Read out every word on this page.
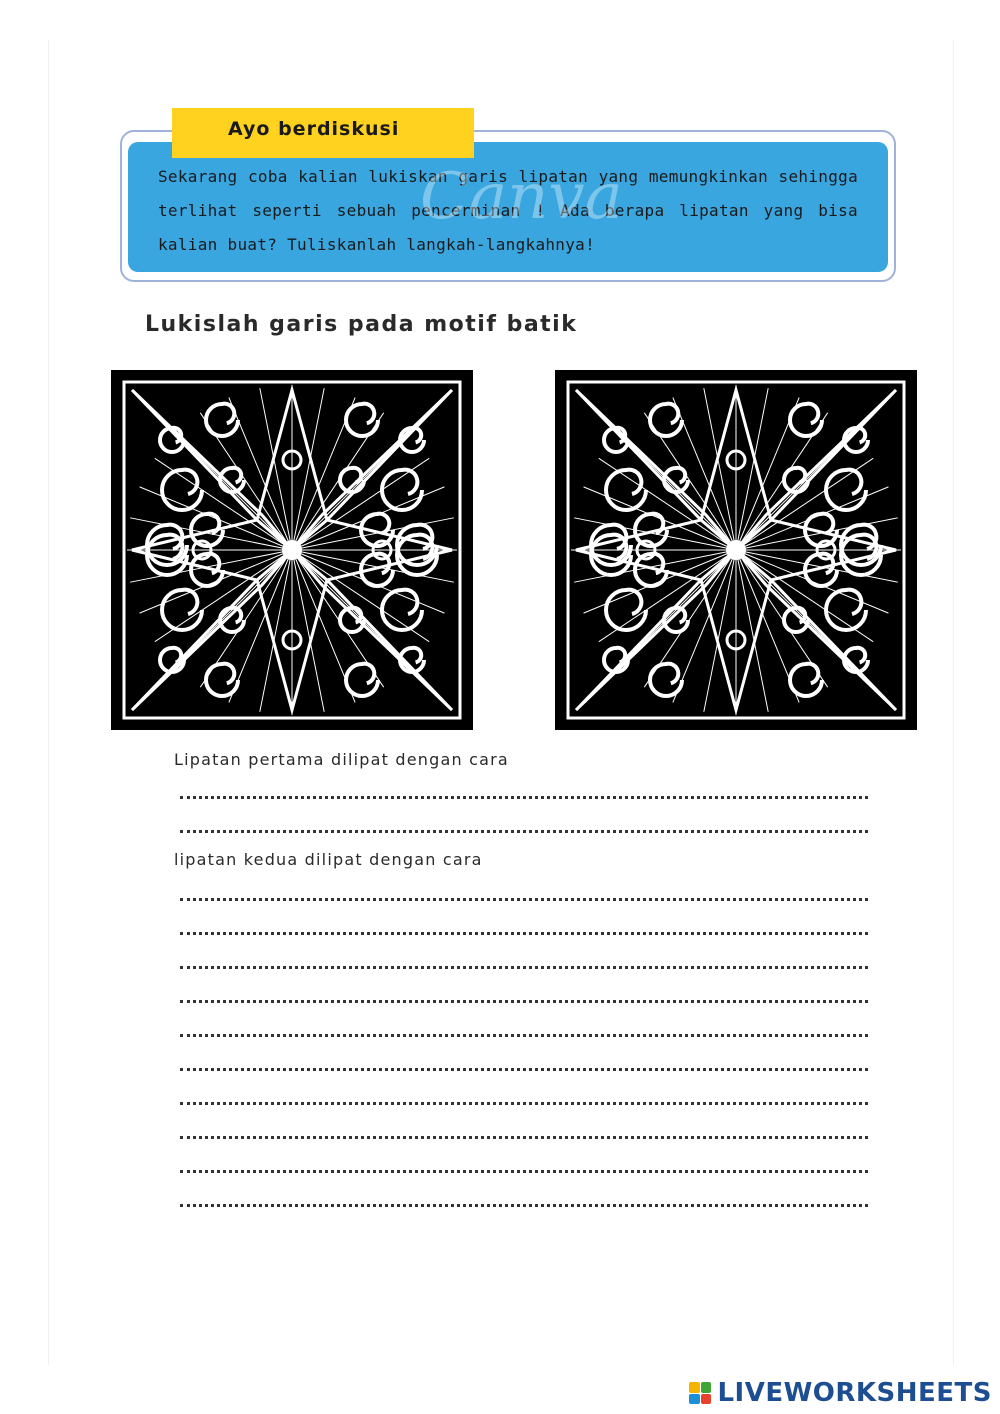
Sekarang coba kalian lukiskan garis lipatan yang memungkinkan sehingga terlihat seperti sebuah pencerminan ! Ada berapa lipatan yang bisa kalian buat? Tuliskanlah langkah-langkahnya!
Canva
Ayo berdiskusi
Lukislah garis pada motif batik
Lipatan pertama dilipat dengan cara
lipatan kedua dilipat dengan cara
LIVEWORKSHEETS
